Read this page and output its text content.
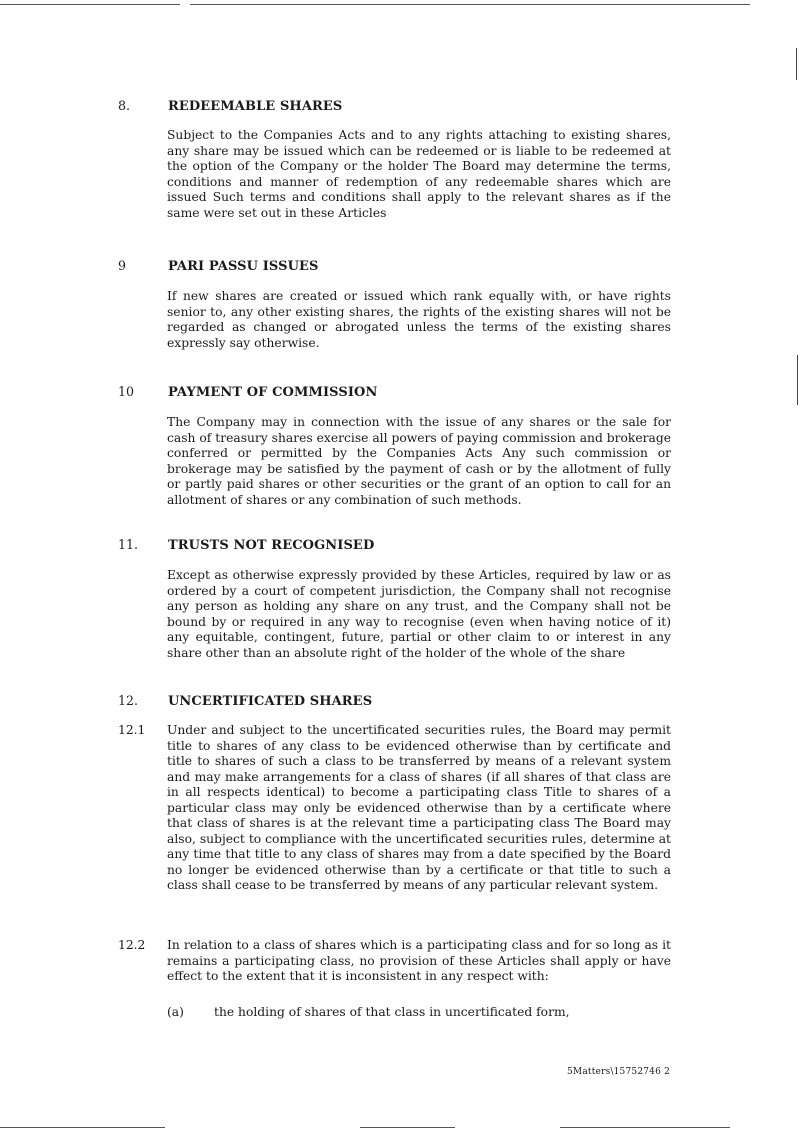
8.	REDEEMABLE SHARES

Subject to the Companies Acts and to any rights attaching to existing shares, any share may be issued which can be redeemed or is liable to be redeemed at the option of the Company or the holder The Board may determine the terms, conditions and manner of redemption of any redeemable shares which are issued Such terms and conditions shall apply to the relevant shares as if the same were set out in these Articles

9	PARI PASSU ISSUES

If new shares are created or issued which rank equally with, or have rights senior to, any other existing shares, the rights of the existing shares will not be regarded as changed or abrogated unless the terms of the existing shares expressly say otherwise.

10	PAYMENT OF COMMISSION

The Company may in connection with the issue of any shares or the sale for cash of treasury shares exercise all powers of paying commission and brokerage conferred or permitted by the Companies Acts Any such commission or brokerage may be satisfied by the payment of cash or by the allotment of fully or partly paid shares or other securities or the grant of an option to call for an allotment of shares or any combination of such methods.

11.	TRUSTS NOT RECOGNISED

Except as otherwise expressly provided by these Articles, required by law or as ordered by a court of competent jurisdiction, the Company shall not recognise any person as holding any share on any trust, and the Company shall not be bound by or required in any way to recognise (even when having notice of it) any equitable, contingent, future, partial or other claim to or interest in any share other than an absolute right of the holder of the whole of the share

12.	UNCERTIFICATED SHARES
12.1 Under and subject to the uncertificated securities rules, the Board may permit title to shares of any class to be evidenced otherwise than by certificate and title to shares of such a class to be transferred by means of a relevant system and may make arrangements for a class of shares (if all shares of that class are in all respects identical) to become a participating class Title to shares of a particular class may only be evidenced otherwise than by a certificate where that class of shares is at the relevant time a participating class The Board may also, subject to compliance with the uncertificated securities rules, determine at any time that title to any class of shares may from a date specified by the Board no longer be evidenced otherwise than by a certificate or that title to such a class shall cease to be transferred by means of any particular relevant system.

12.2 In relation to a class of shares which is a participating class and for so long as it remains a participating class, no provision of these Articles shall apply or have effect to the extent that it is inconsistent in any respect with:

(a) the holding of shares of that class in uncertificated form,
5Matters\15752746 2
